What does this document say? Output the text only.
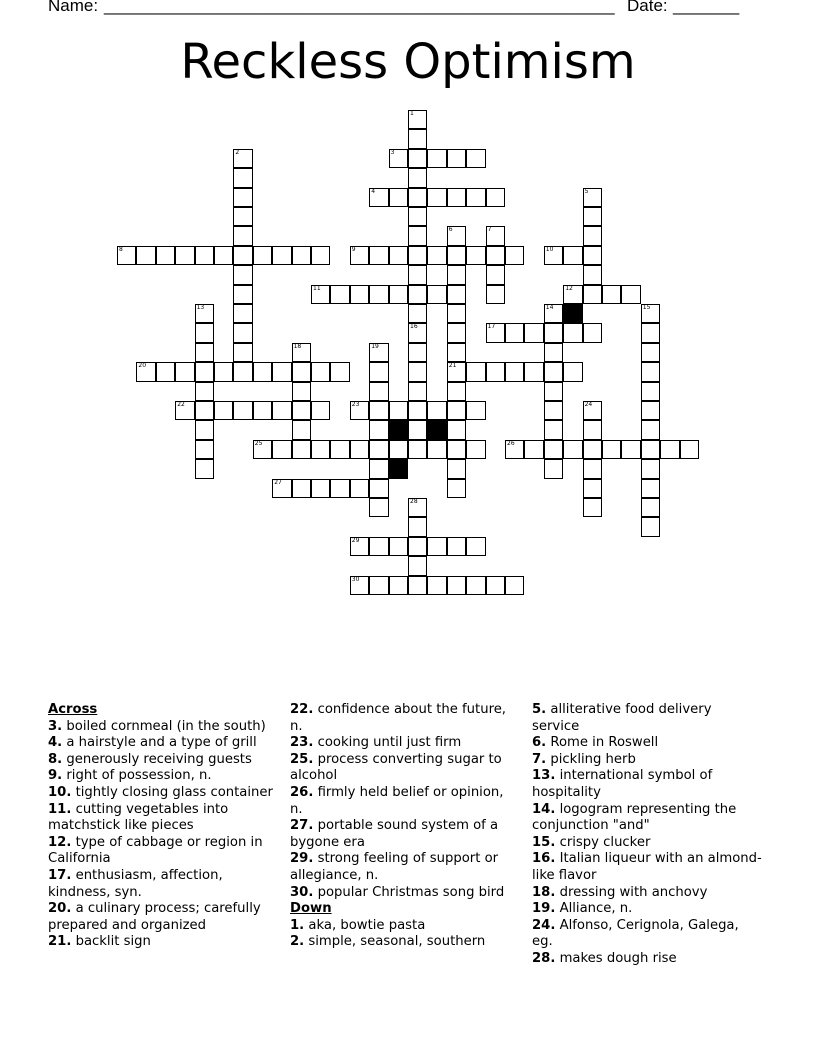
Name: ______________________________________________________ Date: _______
Reckless Optimism
1
2	3
4	5
6
21
7
8	9	10
11	12
13	14	15
16	17
18	19
20
22	23	24
25	26
27
28
29
30
Across
3. boiled cornmeal (in the south)
4. a hairstyle and a type of grill
8. generously receiving guests
9. right of possession, n.
10. tightly closing glass container
11. cutting vegetables into matchstick like pieces
12. type of cabbage or region in California
17. enthusiasm, affection, kindness, syn.
20. a culinary process; carefully prepared and organized
21. backlit sign
22. confidence about the future, n.
23. cooking until just firm
25. process converting sugar to alcohol
26. firmly held belief or opinion, n.
27. portable sound system of a bygone era
29. strong feeling of support or allegiance, n.
30. popular Christmas song bird
Down
1. aka, bowtie pasta
2. simple, seasonal, southern
5. alliterative food delivery service
6. Rome in Roswell
7. pickling herb
13. international symbol of hospitality
14. logogram representing the conjunction "and"
15. crispy clucker
16. Italian liqueur with an almond-like flavor
18. dressing with anchovy
19. Alliance, n.
24. Alfonso, Cerignola, Galega, eg.
28. makes dough rise
